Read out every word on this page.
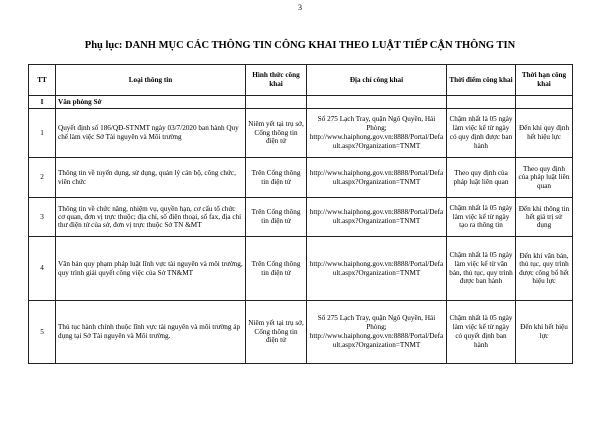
3
Phụ lục: DANH MỤC CÁC THÔNG TIN CÔNG KHAI THEO LUẬT TIẾP CẬN THÔNG TIN
TT	Loại thông tin	Hình thức công khai	Địa chỉ công khai	Thời điểm công khai	Thời hạn công khai
I	Văn phòng Sở				
1	Quyết định số 186/QĐ-STNMT ngày 03/7/2020 ban hành Quy chế làm việc Sở Tài nguyên và Môi trường	Niêm yết tại trụ sở, Cổng thông tin điện tử	Số 275 Lạch Tray, quận Ngô Quyền, Hải Phòng; http://www.haiphong.gov.vn:8888/Portal/Default.aspx?Organization=TNMT	Chậm nhất là 05 ngày làm việc kể từ ngày có quy định được ban hành	Đến khi quy định hết hiệu lực
2	Thông tin về tuyển dụng, sử dụng, quản lý cán bộ, công chức, viên chức	Trên Cổng thông tin điện tử	http://www.haiphong.gov.vn:8888/Portal/Default.aspx?Organization=TNMT	Theo quy định của pháp luật liên quan	Theo quy định của pháp luật liên quan
3	Thông tin về chức năng, nhiệm vụ, quyền hạn, cơ cấu tổ chức cơ quan, đơn vị trực thuộc; địa chỉ, số điện thoại, số fax, địa chỉ thư điện tử của sở, đơn vị trực thuộc Sở TN &MT	Trên Cổng thông tin điện tử	http://www.haiphong.gov.vn:8888/Portal/Default.aspx?Organization=TNMT	Chậm nhất là 05 ngày làm việc kể từ ngày tạo ra thông tin	Đến khi thông tin hết giá trị sử dụng
4	Văn bản quy phạm pháp luật lĩnh vực tài nguyên và môi trường, quy trình giải quyết công việc của Sở TN&MT	Trên Cổng thông tin điện tử	http://www.haiphong.gov.vn:8888/Portal/Default.aspx?Organization=TNMT	Chậm nhất là 05 ngày làm việc kể từ văn bản, thủ tục, quy trình được ban hành	Đến khi văn bản, thủ tục, quy trình được công bố hết hiệu lực
5	Thủ tục hành chính thuộc lĩnh vực tài nguyên và môi trường áp dụng tại Sở Tài nguyên và Môi trường.	Niêm yết tại trụ sở, Cổng thông tin điện tử	Số 275 Lạch Tray, quận Ngô Quyền, Hải Phòng; http://www.haiphong.gov.vn:8888/Portal/Default.aspx?Organization=TNMT	Chậm nhất là 05 ngày làm việc kể từ ngày có quyết định ban hành	Đến khi hết hiệu lực
